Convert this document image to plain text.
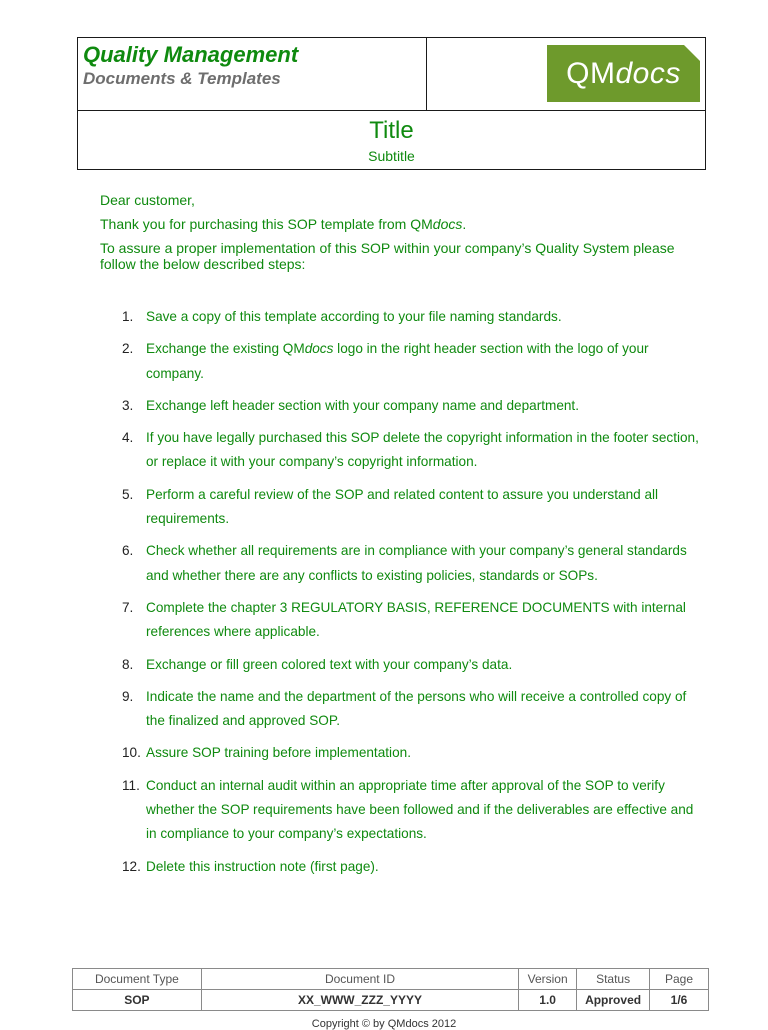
Quality Management
Documents & Templates	QM docs
Title
Subtitle

Dear customer,

Thank you for purchasing this SOP template from QMdocs.

To assure a proper implementation of this SOP within your company’s Quality System please follow the below described steps:

1. Save a copy of this template according to your file naming standards.
2. Exchange the existing QMdocs logo in the right header section with the logo of your company.
3. Exchange left header section with your company name and department.
4. If you have legally purchased this SOP delete the copyright information in the footer section, or replace it with your company’s copyright information.
5. Perform a careful review of the SOP and related content to assure you understand all requirements.
6. Check whether all requirements are in compliance with your company’s general standards and whether there are any conflicts to existing policies, standards or SOPs.
7. Complete the chapter 3 REGULATORY BASIS, REFERENCE DOCUMENTS with internal references where applicable.
8. Exchange or fill green colored text with your company’s data.
9. Indicate the name and the department of the persons who will receive a controlled copy of the finalized and approved SOP.
10. Assure SOP training before implementation.
11. Conduct an internal audit within an appropriate time after approval of the SOP to verify whether the SOP requirements have been followed and if the deliverables are effective and in compliance to your company’s expectations.
12. Delete this instruction note (first page).
Document Type	Document ID	Version	Status	Page
SOP	XX_WWW_ZZZ_YYYY	1.0	Approved	1/6
Copyright © by QMdocs 2012
